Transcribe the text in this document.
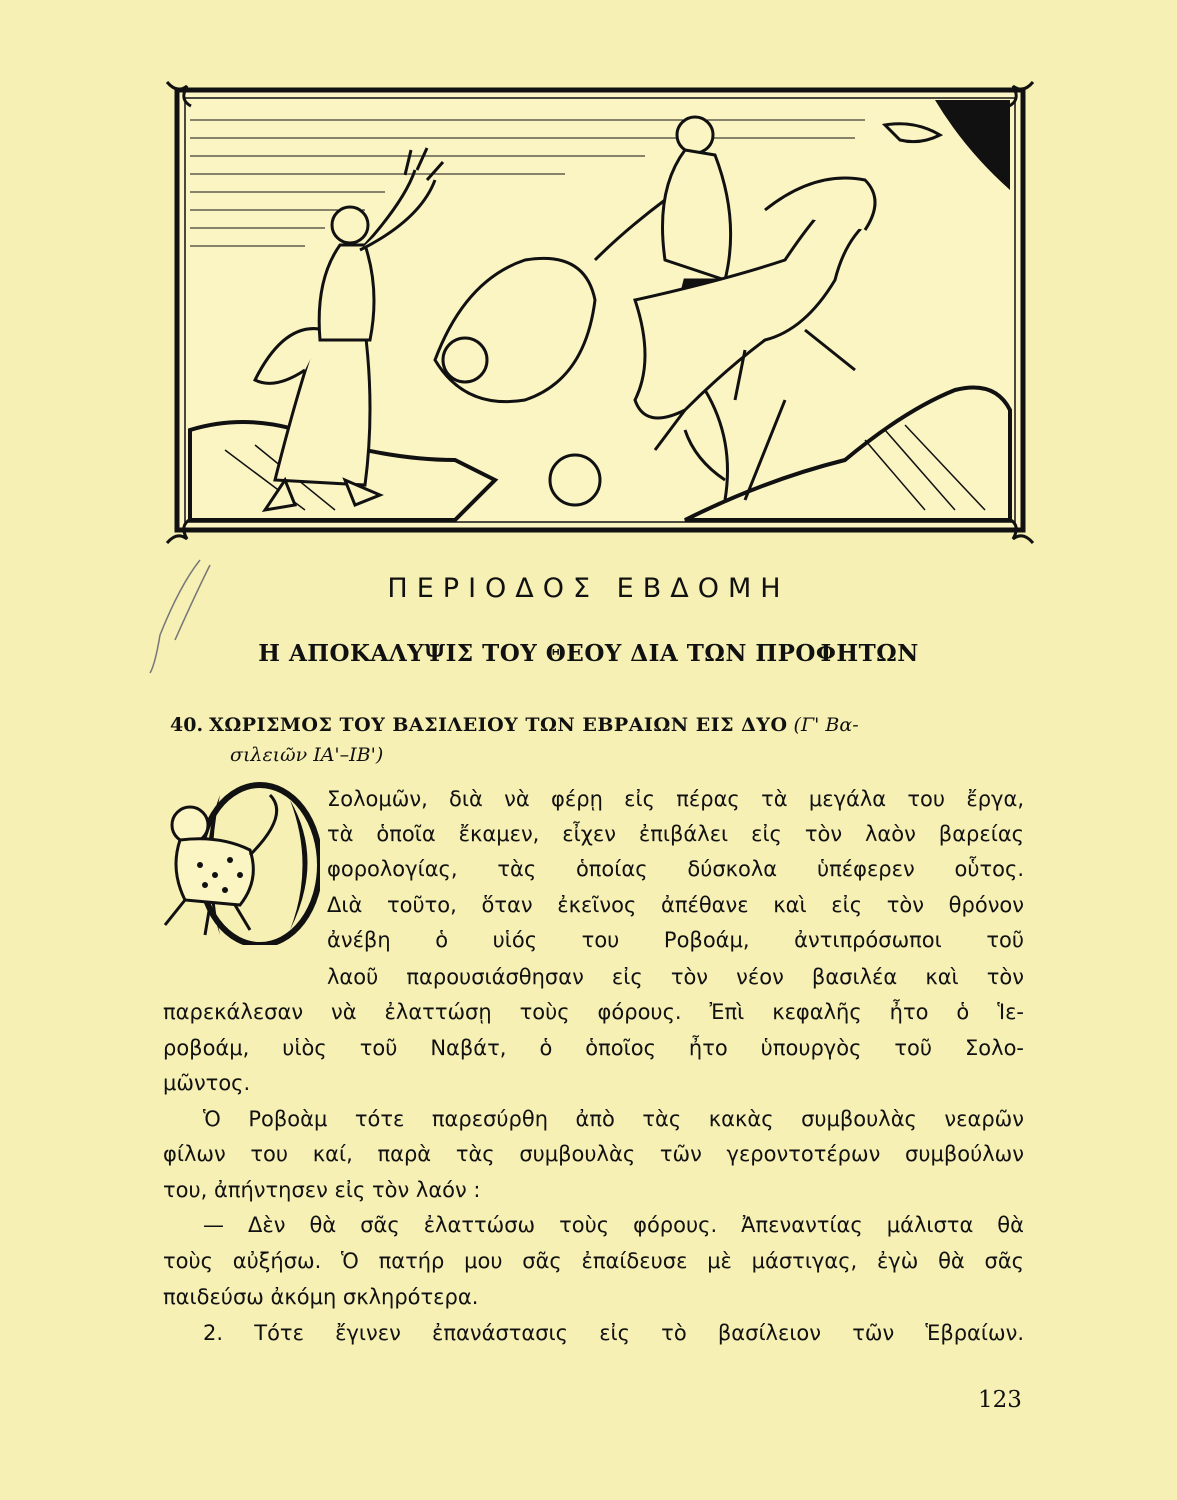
ΠΕΡΙΟΔΟΣ ΕΒΔΟΜΗ
Η ΑΠΟΚΑΛΥΨΙΣ ΤΟΥ ΘΕΟΥ ΔΙΑ ΤΩΝ ΠΡΟΦΗΤΩΝ
40. ΧΩΡΙΣΜΟΣ ΤΟΥ ΒΑΣΙΛΕΙΟΥ ΤΩΝ ΕΒΡΑΙΩΝ ΕΙΣ ΔΥΟ (Γ' Βα-
σιλειῶν ΙΑ'–ΙΒ')
Σολομῶν, διὰ νὰ φέρῃ εἰς πέρας τὰ μεγάλα του ἔργα,
τὰ ὁποῖα ἔκαμεν, εἶχεν ἐπιβάλει εἰς τὸν λαὸν βαρείας
φορολογίας, τὰς ὁποίας δύσκολα ὑπέφερεν οὗτος.
Διὰ τοῦτο, ὅταν ἐκεῖνος ἀπέθανε καὶ εἰς τὸν θρόνον
ἀνέβη ὁ υἱός του Ροβοάμ, ἀντιπρόσωποι τοῦ
λαοῦ παρουσιάσθησαν εἰς τὸν νέον βασιλέα καὶ τὸν
παρεκάλεσαν νὰ ἐλαττώσῃ τοὺς φόρους. Ἐπὶ κεφαλῆς ἦτο ὁ Ἱε-
ροβοάμ, υἱὸς τοῦ Ναβάτ, ὁ ὁποῖος ἦτο ὑπουργὸς τοῦ Σολο-
μῶντος.
Ὁ Ροβοὰμ τότε παρεσύρθη ἀπὸ τὰς κακὰς συμβουλὰς νεαρῶν
φίλων του καί, παρὰ τὰς συμβουλὰς τῶν γεροντοτέρων συμβούλων
του, ἀπήντησεν εἰς τὸν λαόν :
— Δὲν θὰ σᾶς ἐλαττώσω τοὺς φόρους. Ἀπεναντίας μάλιστα θὰ
τοὺς αὐξήσω. Ὁ πατήρ μου σᾶς ἐπαίδευσε μὲ μάστιγας, ἐγὼ θὰ σᾶς
παιδεύσω ἀκόμη σκληρότερα.
2. Τότε ἔγινεν ἐπανάστασις εἰς τὸ βασίλειον τῶν Ἑβραίων.
123
